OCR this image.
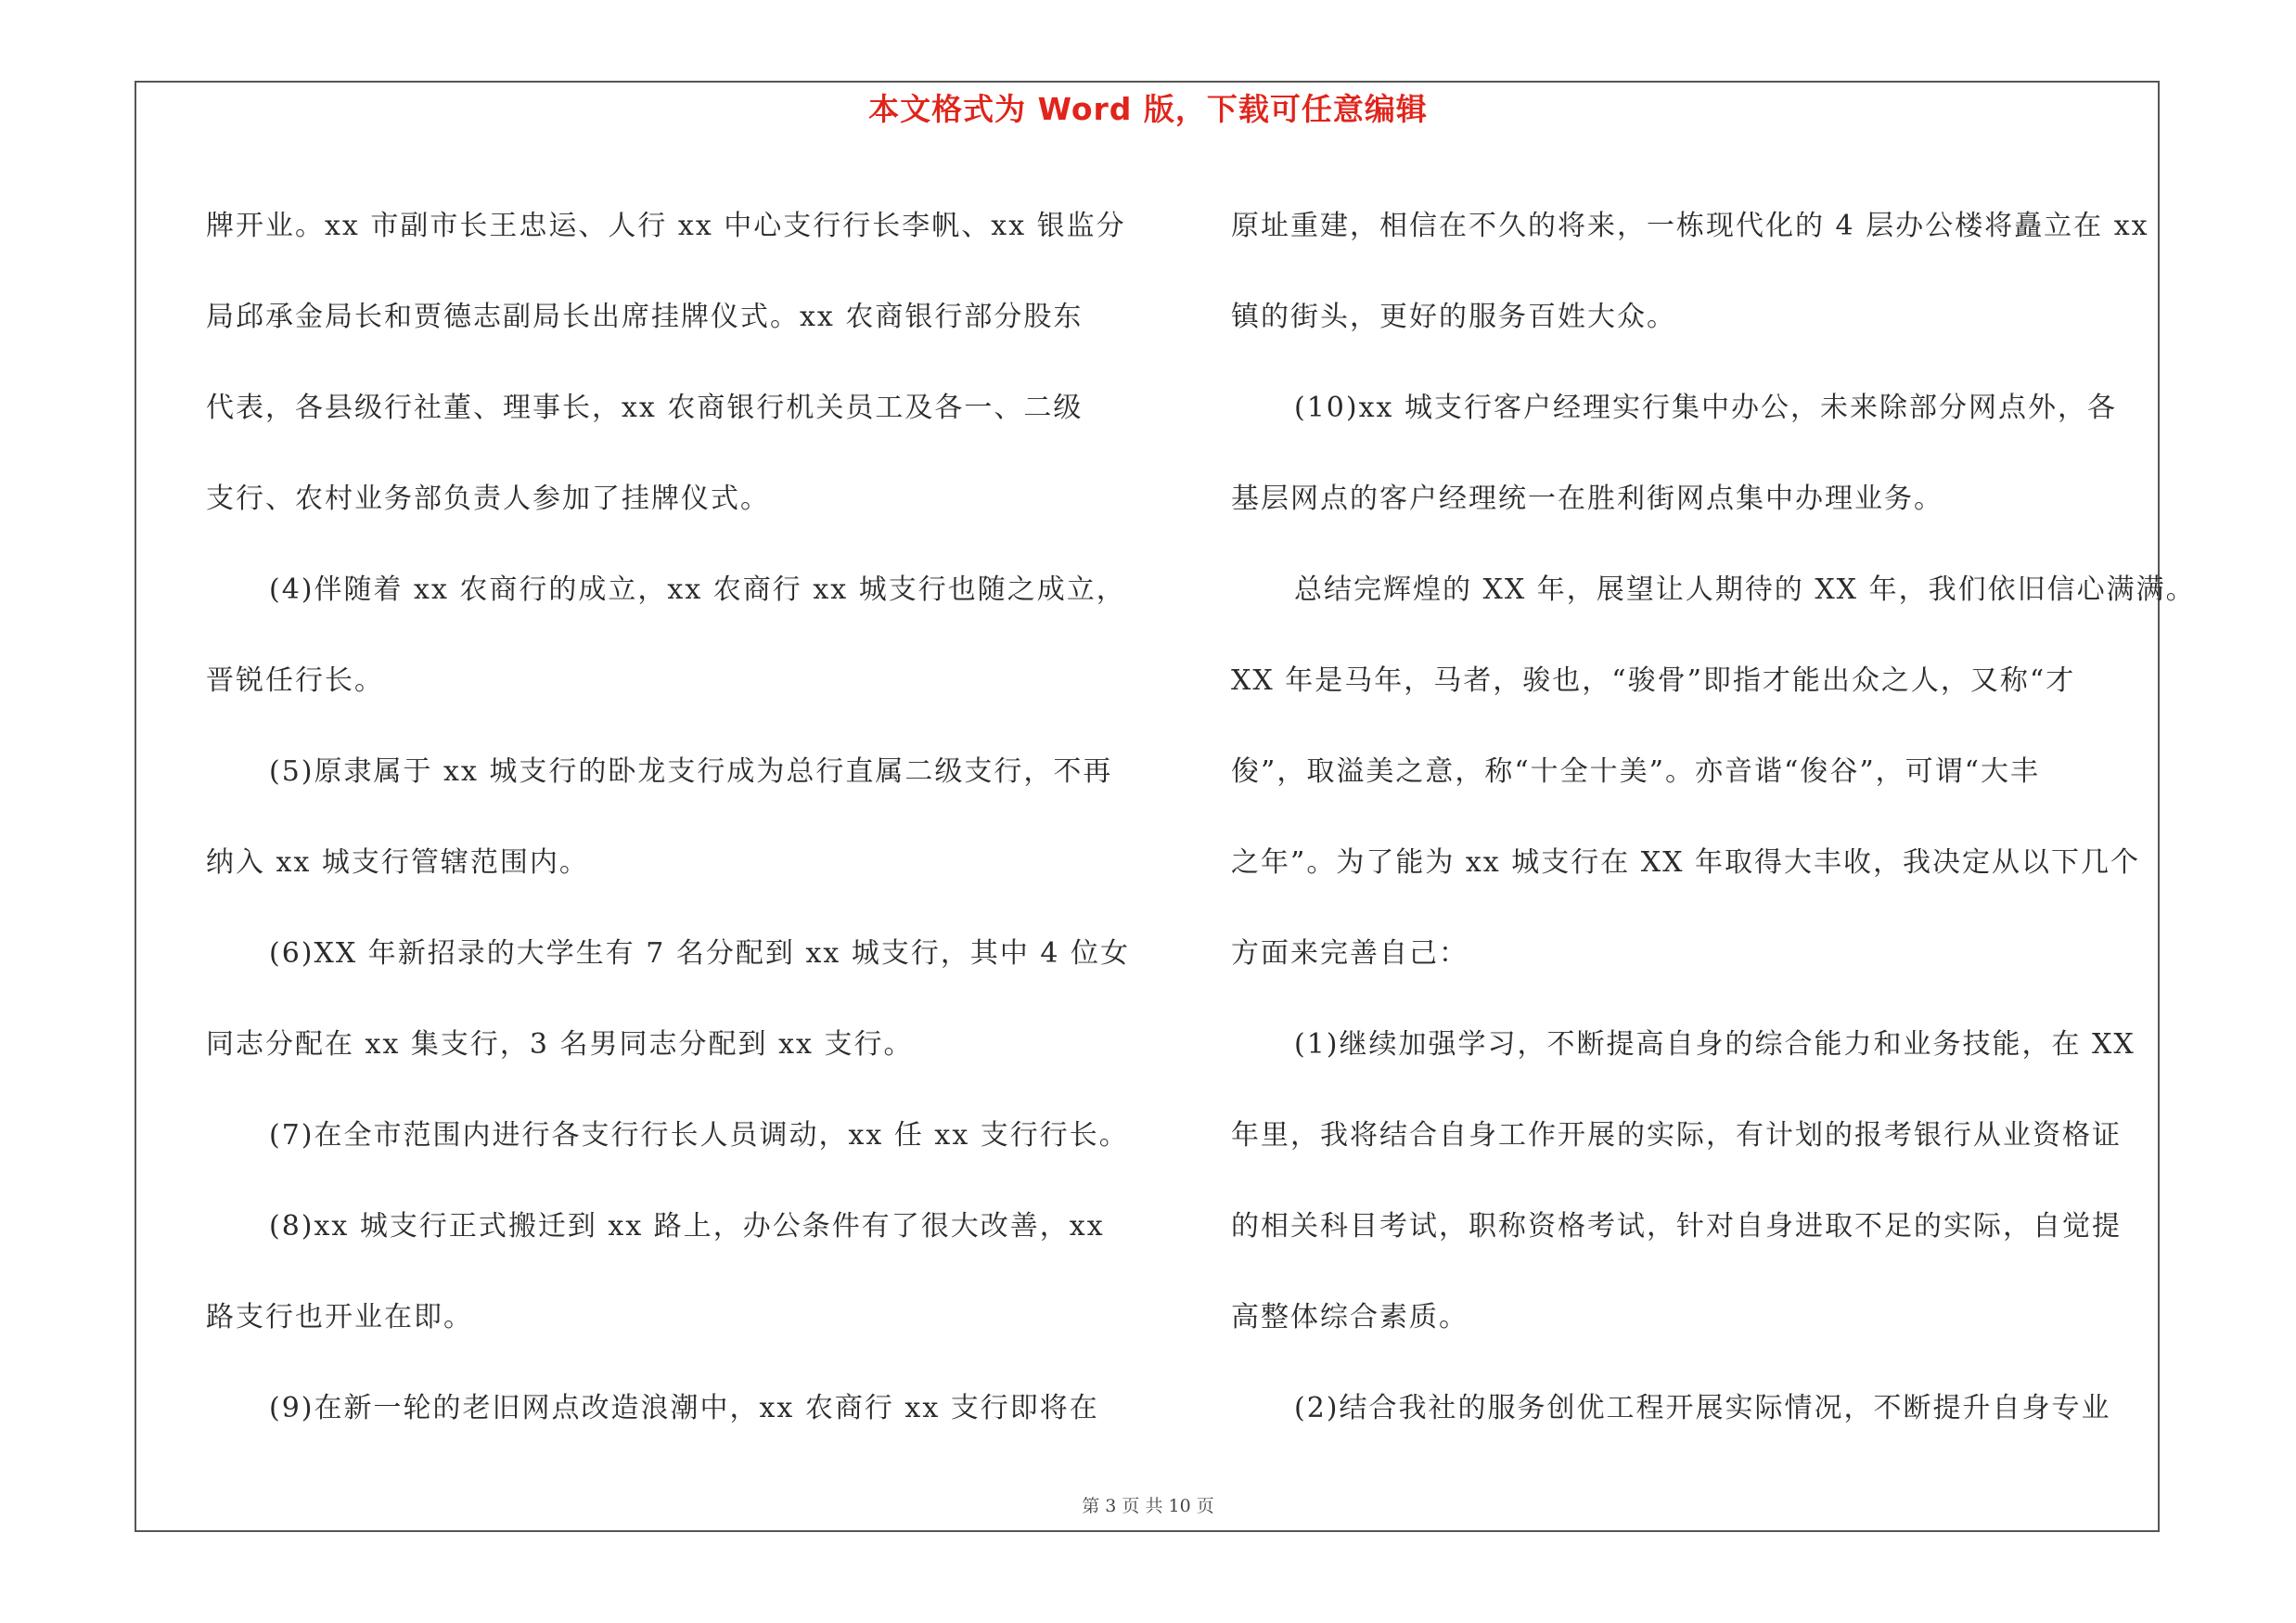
本文格式为 Word 版，下载可任意编辑
牌开业。xx 市副市长王忠运、人行 xx 中心支行行长李帆、xx 银监分
局邱承金局长和贾德志副局长出席挂牌仪式。xx 农商银行部分股东
代表，各县级行社董、理事长，xx 农商银行机关员工及各一、二级
支行、农村业务部负责人参加了挂牌仪式。
(4)伴随着 xx 农商行的成立，xx 农商行 xx 城支行也随之成立，
晋锐任行长。
(5)原隶属于 xx 城支行的卧龙支行成为总行直属二级支行，不再
纳入 xx 城支行管辖范围内。
(6)XX 年新招录的大学生有 7 名分配到 xx 城支行，其中 4 位女
同志分配在 xx 集支行，3 名男同志分配到 xx 支行。
(7)在全市范围内进行各支行行长人员调动，xx 任 xx 支行行长。
(8)xx 城支行正式搬迁到 xx 路上，办公条件有了很大改善，xx
路支行也开业在即。
(9)在新一轮的老旧网点改造浪潮中，xx 农商行 xx 支行即将在
原址重建，相信在不久的将来，一栋现代化的 4 层办公楼将矗立在 xx
镇的街头，更好的服务百姓大众。
(10)xx 城支行客户经理实行集中办公，未来除部分网点外，各
基层网点的客户经理统一在胜利街网点集中办理业务。
总结完辉煌的 XX 年，展望让人期待的 XX 年，我们依旧信心满满。
XX 年是马年，马者，骏也，“骏骨”即指才能出众之人，又称“才
俊”，取溢美之意，称“十全十美”。亦音谐“俊谷”，可谓“大丰
之年”。为了能为 xx 城支行在 XX 年取得大丰收，我决定从以下几个
方面来完善自己：
(1)继续加强学习，不断提高自身的综合能力和业务技能，在 XX
年里，我将结合自身工作开展的实际，有计划的报考银行从业资格证
的相关科目考试，职称资格考试，针对自身进取不足的实际，自觉提
高整体综合素质。
(2)结合我社的服务创优工程开展实际情况，不断提升自身专业
第 3 页 共 10 页
